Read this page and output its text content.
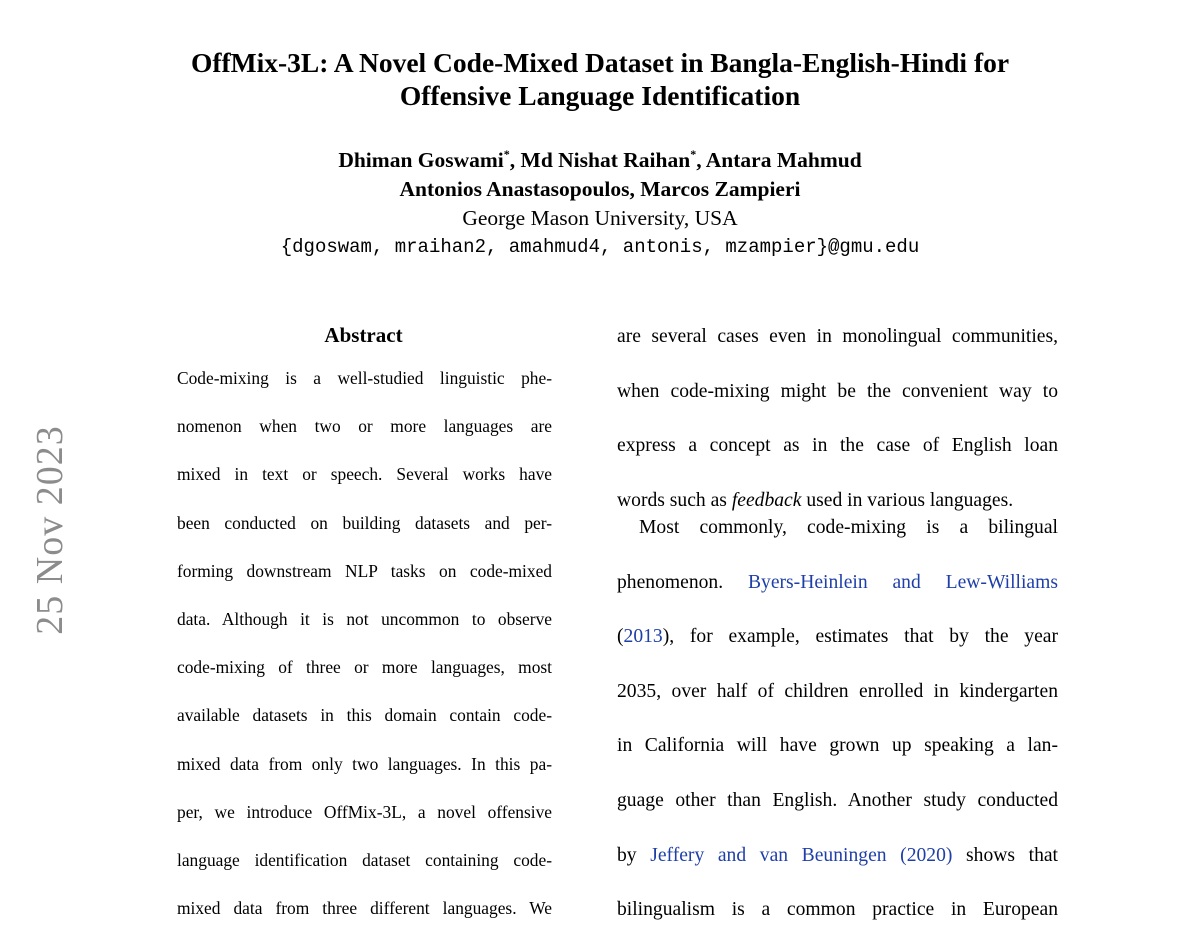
25 Nov 2023
OffMix-3L: A Novel Code-Mixed Dataset in Bangla-English-Hindi for
Offensive Language Identification
Dhiman Goswami*, Md Nishat Raihan*, Antara Mahmud
Antonios Anastasopoulos, Marcos Zampieri
George Mason University, USA
{dgoswam, mraihan2, amahmud4, antonis, mzampier}@gmu.edu
Abstract
Code-mixing is a well-studied linguistic phe-
nomenon when two or more languages are
mixed in text or speech. Several works have
been conducted on building datasets and per-
forming downstream NLP tasks on code-mixed
data. Although it is not uncommon to observe
code-mixing of three or more languages, most
available datasets in this domain contain code-
mixed data from only two languages. In this pa-
per, we introduce OffMix-3L, a novel offensive
language identification dataset containing code-
mixed data from three different languages. We

are several cases even in monolingual communities, when code-mixing might be the convenient way to express a concept as in the case of English loan words such as feedback used in various languages.

Most commonly, code-mixing is a bilingual phenomenon. Byers-Heinlein and Lew-Williams (2013), for example, estimates that by the year 2035, over half of children enrolled in kindergarten in California will have grown up speaking a lan- guage other than English. Another study conducted by Jeffery and van Beuningen (2020) shows that bilingualism is a common practice in European
